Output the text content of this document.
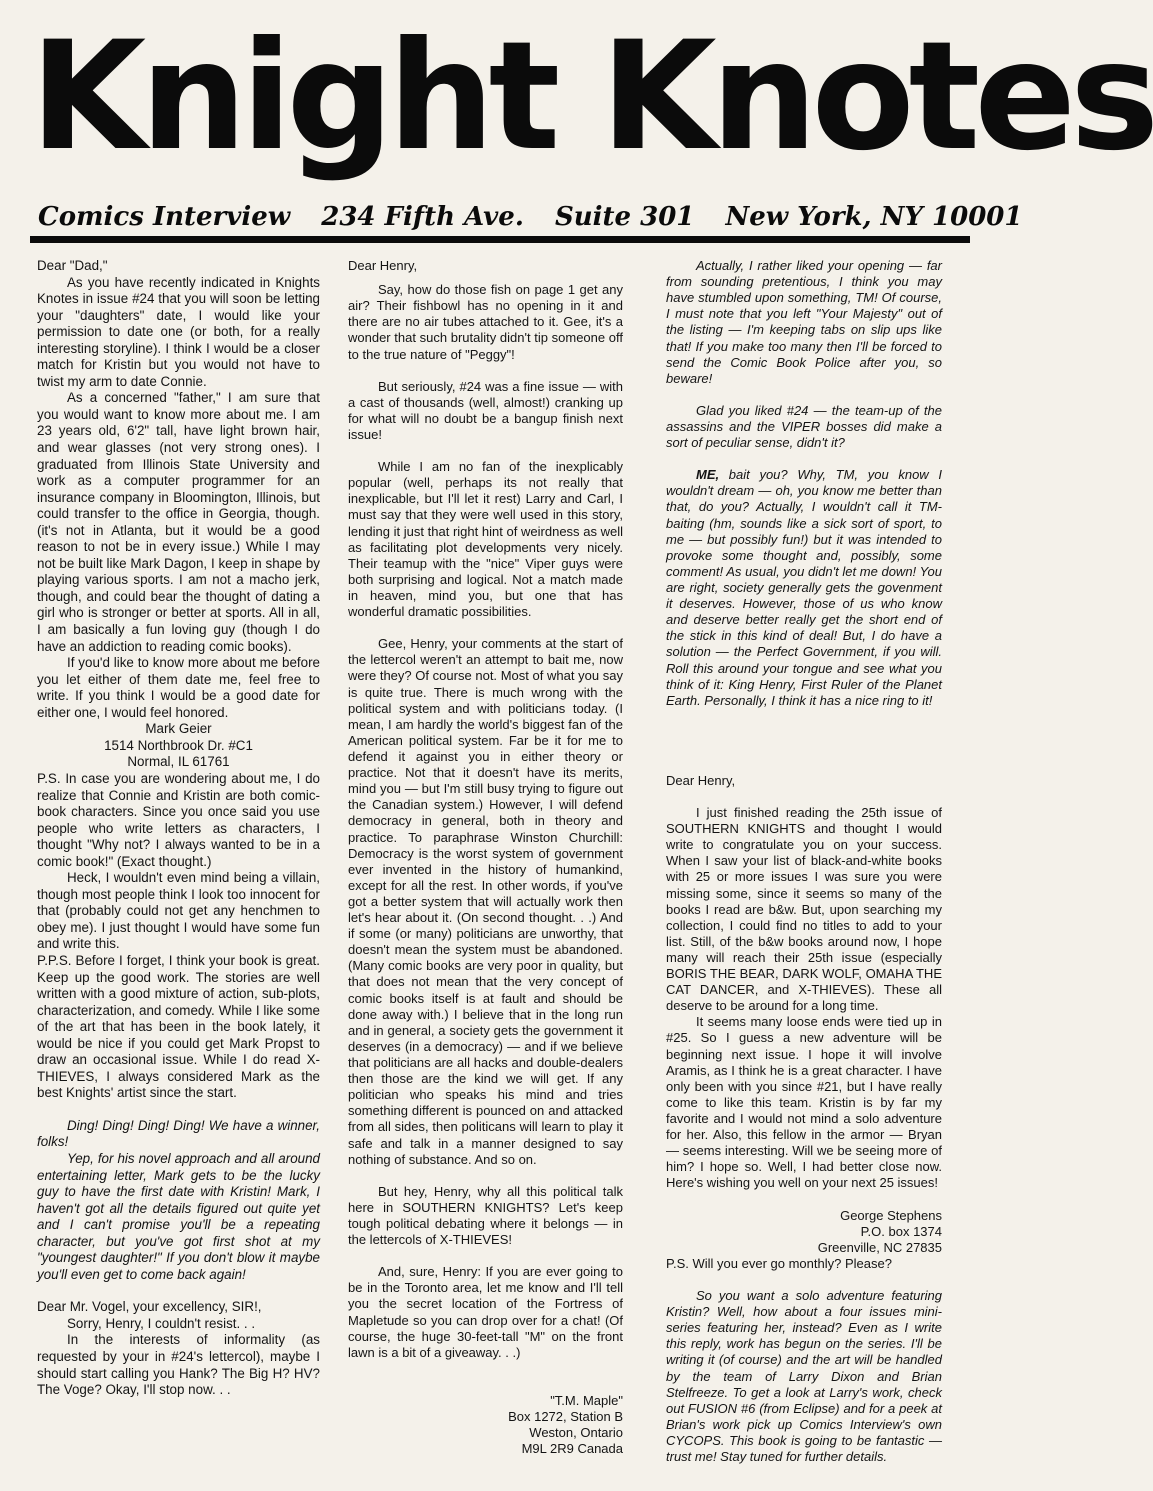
Knight Knotes
Comics Interview 234 Fifth Ave. Suite 301 New York, NY 10001

Dear "Dad,"

As you have recently indicated in Knights Knotes in issue #24 that you will soon be letting your "daughters" date, I would like your permission to date one (or both, for a really interesting storyline). I think I would be a closer match for Kristin but you would not have to twist my arm to date Connie.

As a concerned "father," I am sure that you would want to know more about me. I am 23 years old, 6'2" tall, have light brown hair, and wear glasses (not very strong ones). I graduated from Illinois State University and work as a computer programmer for an insurance company in Bloomington, Illinois, but could transfer to the office in Georgia, though. (it's not in Atlanta, but it would be a good reason to not be in every issue.) While I may not be built like Mark Dagon, I keep in shape by playing various sports. I am not a macho jerk, though, and could bear the thought of dating a girl who is stronger or better at sports. All in all, I am basically a fun loving guy (though I do have an addiction to reading comic books).

If you'd like to know more about me before you let either of them date me, feel free to write. If you think I would be a good date for either one, I would feel honored.

Mark Geier

1514 Northbrook Dr. #C1

Normal, IL 61761

P.S. In case you are wondering about me, I do realize that Connie and Kristin are both comic-book characters. Since you once said you use people who write letters as characters, I thought "Why not? I always wanted to be in a comic book!" (Exact thought.)

Heck, I wouldn't even mind being a villain, though most people think I look too innocent for that (probably could not get any henchmen to obey me). I just thought I would have some fun and write this.

P.P.S. Before I forget, I think your book is great. Keep up the good work. The stories are well written with a good mixture of action, sub-plots, characterization, and comedy. While I like some of the art that has been in the book lately, it would be nice if you could get Mark Propst to draw an occasional issue. While I do read X-THIEVES, I always considered Mark as the best Knights' artist since the start.

Ding! Ding! Ding! Ding! We have a winner, folks!

Yep, for his novel approach and all around entertaining letter, Mark gets to be the lucky guy to have the first date with Kristin! Mark, I haven't got all the details figured out quite yet and I can't promise you'll be a repeating character, but you've got first shot at my "youngest daughter!" If you don't blow it maybe you'll even get to come back again!

Dear Mr. Vogel, your excellency, SIR!,

Sorry, Henry, I couldn't resist. . .

In the interests of informality (as requested by your in #24's lettercol), maybe I should start calling you Hank? The Big H? HV? The Voge? Okay, I'll stop now. . .

Dear Henry,

Say, how do those fish on page 1 get any air? Their fishbowl has no opening in it and there are no air tubes attached to it. Gee, it's a wonder that such brutality didn't tip someone off to the true nature of "Peggy"!

But seriously, #24 was a fine issue — with a cast of thousands (well, almost!) cranking up for what will no doubt be a bangup finish next issue!

While I am no fan of the inexplicably popular (well, perhaps its not really that inexplicable, but I'll let it rest) Larry and Carl, I must say that they were well used in this story, lending it just that right hint of weirdness as well as facilitating plot developments very nicely. Their teamup with the "nice" Viper guys were both surprising and logical. Not a match made in heaven, mind you, but one that has wonderful dramatic possibilities.

Gee, Henry, your comments at the start of the lettercol weren't an attempt to bait me, now were they? Of course not. Most of what you say is quite true. There is much wrong with the political system and with politicians today. (I mean, I am hardly the world's biggest fan of the American political system. Far be it for me to defend it against you in either theory or practice. Not that it doesn't have its merits, mind you — but I'm still busy trying to figure out the Canadian system.) However, I will defend democracy in general, both in theory and practice. To paraphrase Winston Churchill: Democracy is the worst system of government ever invented in the history of humankind, except for all the rest. In other words, if you've got a better system that will actually work then let's hear about it. (On second thought. . .) And if some (or many) politicians are unworthy, that doesn't mean the system must be abandoned. (Many comic books are very poor in quality, but that does not mean that the very concept of comic books itself is at fault and should be done away with.) I believe that in the long run and in general, a society gets the government it deserves (in a democracy) — and if we believe that politicians are all hacks and double-dealers then those are the kind we will get. If any politician who speaks his mind and tries something different is pounced on and attacked from all sides, then politicans will learn to play it safe and talk in a manner designed to say nothing of substance. And so on.

But hey, Henry, why all this political talk here in SOUTHERN KNIGHTS? Let's keep tough political debating where it belongs — in the lettercols of X-THIEVES!

And, sure, Henry: If you are ever going to be in the Toronto area, let me know and I'll tell you the secret location of the Fortress of Mapletude so you can drop over for a chat! (Of course, the huge 30-feet-tall "M" on the front lawn is a bit of a giveaway. . .)

"T.M. Maple"

Box 1272, Station B

Weston, Ontario

M9L 2R9 Canada

Actually, I rather liked your opening — far from sounding pretentious, I think you may have stumbled upon something, TM! Of course, I must note that you left "Your Majesty" out of the listing — I'm keeping tabs on slip ups like that! If you make too many then I'll be forced to send the Comic Book Police after you, so beware!

Glad you liked #24 — the team-up of the assassins and the VIPER bosses did make a sort of peculiar sense, didn't it?

ME, bait you? Why, TM, you know I wouldn't dream — oh, you know me better than that, do you? Actually, I wouldn't call it TM-baiting (hm, sounds like a sick sort of sport, to me — but possibly fun!) but it was intended to provoke some thought and, possibly, some comment! As usual, you didn't let me down! You are right, society generally gets the govenment it deserves. However, those of us who know and deserve better really get the short end of the stick in this kind of deal! But, I do have a solution — the Perfect Government, if you will. Roll this around your tongue and see what you think of it: King Henry, First Ruler of the Planet Earth. Personally, I think it has a nice ring to it!

Dear Henry,

I just finished reading the 25th issue of SOUTHERN KNIGHTS and thought I would write to congratulate you on your success. When I saw your list of black-and-white books with 25 or more issues I was sure you were missing some, since it seems so many of the books I read are b&w. But, upon searching my collection, I could find no titles to add to your list. Still, of the b&w books around now, I hope many will reach their 25th issue (especially BORIS THE BEAR, DARK WOLF, OMAHA THE CAT DANCER, and X-THIEVES). These all deserve to be around for a long time.

It seems many loose ends were tied up in #25. So I guess a new adventure will be beginning next issue. I hope it will involve Aramis, as I think he is a great character. I have only been with you since #21, but I have really come to like this team. Kristin is by far my favorite and I would not mind a solo adventure for her. Also, this fellow in the armor — Bryan — seems interesting. Will we be seeing more of him? I hope so. Well, I had better close now. Here's wishing you well on your next 25 issues!

George Stephens

P.O. box 1374

Greenville, NC 27835

P.S. Will you ever go monthly? Please?

So you want a solo adventure featuring Kristin? Well, how about a four issues mini-series featuring her, instead? Even as I write this reply, work has begun on the series. I'll be writing it (of course) and the art will be handled by the team of Larry Dixon and Brian Stelfreeze. To get a look at Larry's work, check out FUSION #6 (from Eclipse) and for a peek at Brian's work pick up Comics Interview's own CYCOPS. This book is going to be fantastic — trust me! Stay tuned for further details.
